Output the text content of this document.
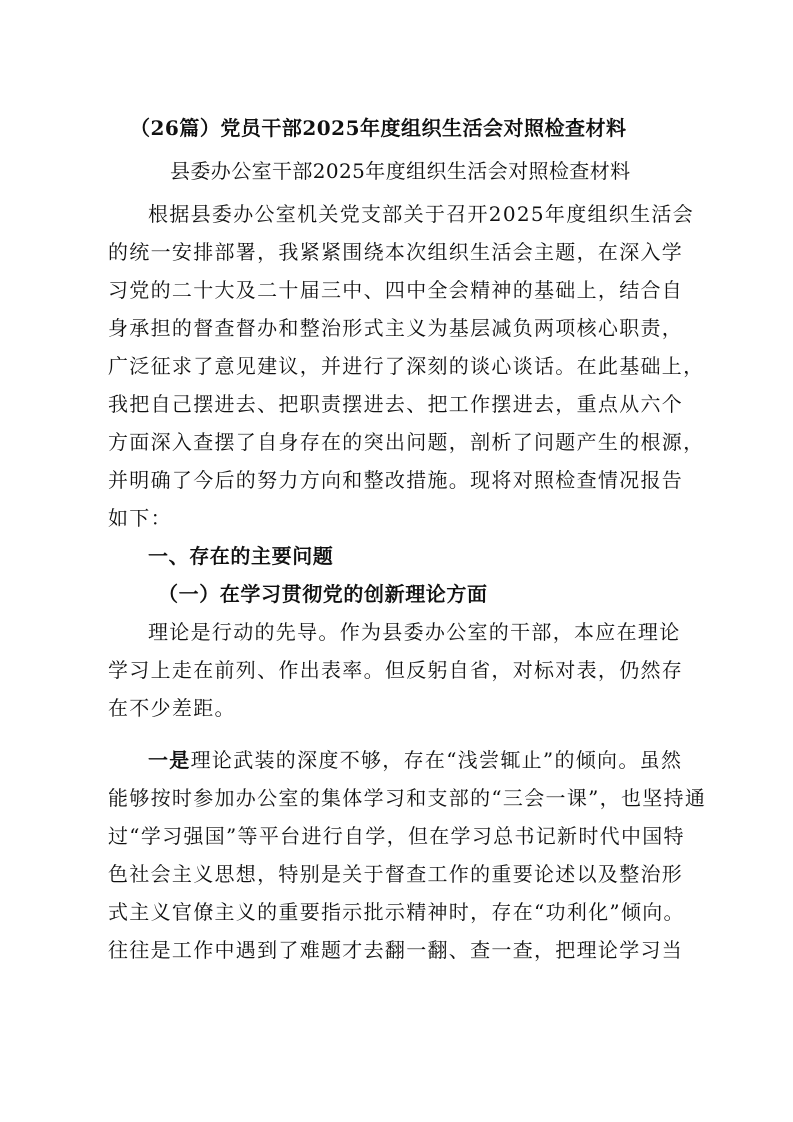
（26篇）党员干部2025年度组织生活会对照检查材料
县委办公室干部2025年度组织生活会对照检查材料
根据县委办公室机关党支部关于召开2025年度组织生活会
的统一安排部署，我紧紧围绕本次组织生活会主题，在深入学
习党的二十大及二十届三中、四中全会精神的基础上，结合自
身承担的督查督办和整治形式主义为基层减负两项核心职责，
广泛征求了意见建议，并进行了深刻的谈心谈话。在此基础上，
我把自己摆进去、把职责摆进去、把工作摆进去，重点从六个
方面深入查摆了自身存在的突出问题，剖析了问题产生的根源，
并明确了今后的努力方向和整改措施。现将对照检查情况报告
如下：
一、存在的主要问题
（一）在学习贯彻党的创新理论方面
理论是行动的先导。作为县委办公室的干部，本应在理论
学习上走在前列、作出表率。但反躬自省，对标对表，仍然存
在不少差距。
一是理论武装的深度不够，存在“浅尝辄止”的倾向。虽然
能够按时参加办公室的集体学习和支部的“三会一课”，也坚持通
过“学习强国”等平台进行自学，但在学习总书记新时代中国特
色社会主义思想，特别是关于督查工作的重要论述以及整治形
式主义官僚主义的重要指示批示精神时，存在“功利化”倾向。
往往是工作中遇到了难题才去翻一翻、查一查，把理论学习当
